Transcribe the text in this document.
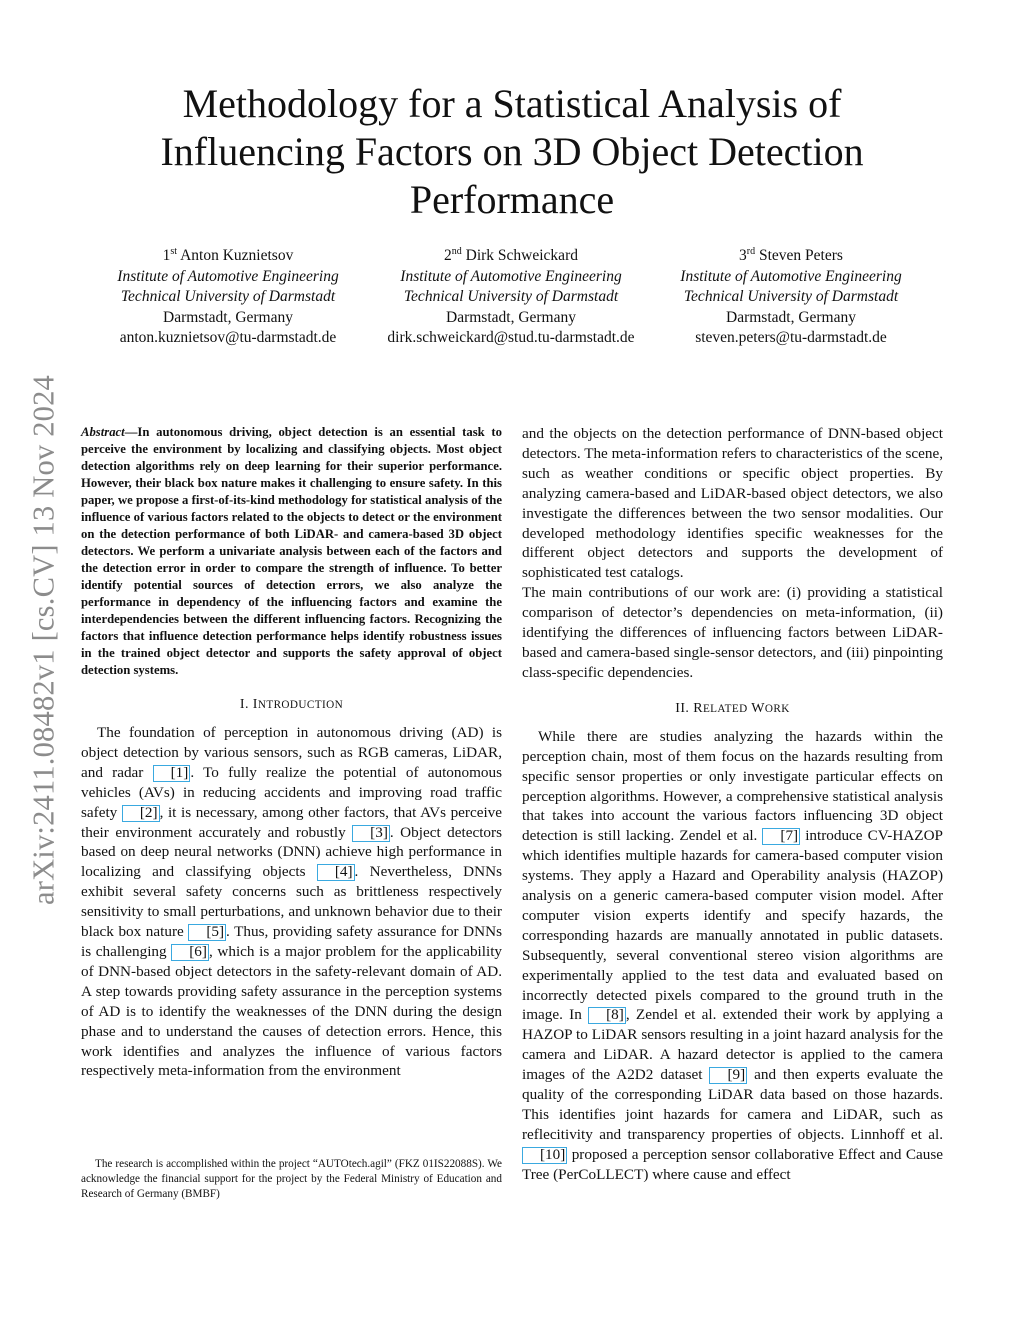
arXiv:2411.08482v1 [cs.CV] 13 Nov 2024
Methodology for a Statistical Analysis of
Influencing Factors on 3D Object Detection
Performance
1st Anton Kuznietsov
Institute of Automotive Engineering
Technical University of Darmstadt
Darmstadt, Germany
anton.kuznietsov@tu-darmstadt.de
2nd Dirk Schweickard
Institute of Automotive Engineering
Technical University of Darmstadt
Darmstadt, Germany
dirk.schweickard@stud.tu-darmstadt.de
3rd Steven Peters
Institute of Automotive Engineering
Technical University of Darmstadt
Darmstadt, Germany
steven.peters@tu-darmstadt.de

Abstract—In autonomous driving, object detection is an essential task to perceive the environment by localizing and classifying objects. Most object detection algorithms rely on deep learning for their superior performance. However, their black box nature makes it challenging to ensure safety. In this paper, we propose a first-of-its-kind methodology for statistical analysis of the influence of various factors related to the objects to detect or the environment on the detection performance of both LiDAR- and camera-based 3D object detectors. We perform a univariate analysis between each of the factors and the detection error in order to compare the strength of influence. To better identify potential sources of detection errors, we also analyze the performance in dependency of the influencing factors and examine the interdependencies between the different influencing factors. Recognizing the factors that influence detection performance helps identify robustness issues in the trained object detector and supports the safety approval of object detection systems.

I. INTRODUCTION

The foundation of perception in autonomous driving (AD) is object detection by various sensors, such as RGB cameras, LiDAR, and radar [1] . To fully realize the potential of autonomous vehicles (AVs) in reducing accidents and improving road traffic safety [2] , it is necessary, among other factors, that AVs perceive their environment accurately and robustly [3] . Object detectors based on deep neural networks (DNN) achieve high performance in localizing and classifying objects [4] . Nevertheless, DNNs exhibit several safety concerns such as brittleness respectively sensitivity to small perturbations, and unknown behavior due to their black box nature [5] . Thus, providing safety assurance for DNNs is challenging [6] , which is a major problem for the applicability of DNN-based object detectors in the safety-relevant domain of AD. A step towards providing safety assurance in the perception systems of AD is to identify the weaknesses of the DNN during the design phase and to understand the causes of detection errors. Hence, this work identifies and analyzes the influence of various factors respectively meta-information from the environment

The research is accomplished within the project “AUTOtech.agil” (FKZ 01IS22088S). We acknowledge the financial support for the project by the Federal Ministry of Education and Research of Germany (BMBF)

and the objects on the detection performance of DNN-based object detectors. The meta-information refers to characteristics of the scene, such as weather conditions or specific object properties. By analyzing camera-based and LiDAR-based object detectors, we also investigate the differences between the two sensor modalities. Our developed methodology identifies specific weaknesses for the different object detectors and supports the development of sophisticated test catalogs.

The main contributions of our work are: (i) providing a statistical comparison of detector’s dependencies on meta-information, (ii) identifying the differences of influencing factors between LiDAR-based and camera-based single-sensor detectors, and (iii) pinpointing class-specific dependencies.

II. RELATED WORK

While there are studies analyzing the hazards within the perception chain, most of them focus on the hazards resulting from specific sensor properties or only investigate particular effects on perception algorithms. However, a comprehensive statistical analysis that takes into account the various factors influencing 3D object detection is still lacking. Zendel et al. [7] introduce CV-HAZOP which identifies multiple hazards for camera-based computer vision systems. They apply a Hazard and Operability analysis (HAZOP) analysis on a generic camera-based computer vision model. After computer vision experts identify and specify hazards, the corresponding hazards are manually annotated in public datasets. Subsequently, several conventional stereo vision algorithms are experimentally applied to the test data and evaluated based on incorrectly detected pixels compared to the ground truth in the image. In [8] , Zendel et al. extended their work by applying a HAZOP to LiDAR sensors resulting in a joint hazard analysis for the camera and LiDAR. A hazard detector is applied to the camera images of the A2D2 dataset [9] and then experts evaluate the quality of the corresponding LiDAR data based on those hazards. This identifies joint hazards for camera and LiDAR, such as reflecitivity and transparency properties of objects. Linnhoff et al. [10] proposed a perception sensor collaborative Effect and Cause Tree (PerCoLLECT) where cause and effect
